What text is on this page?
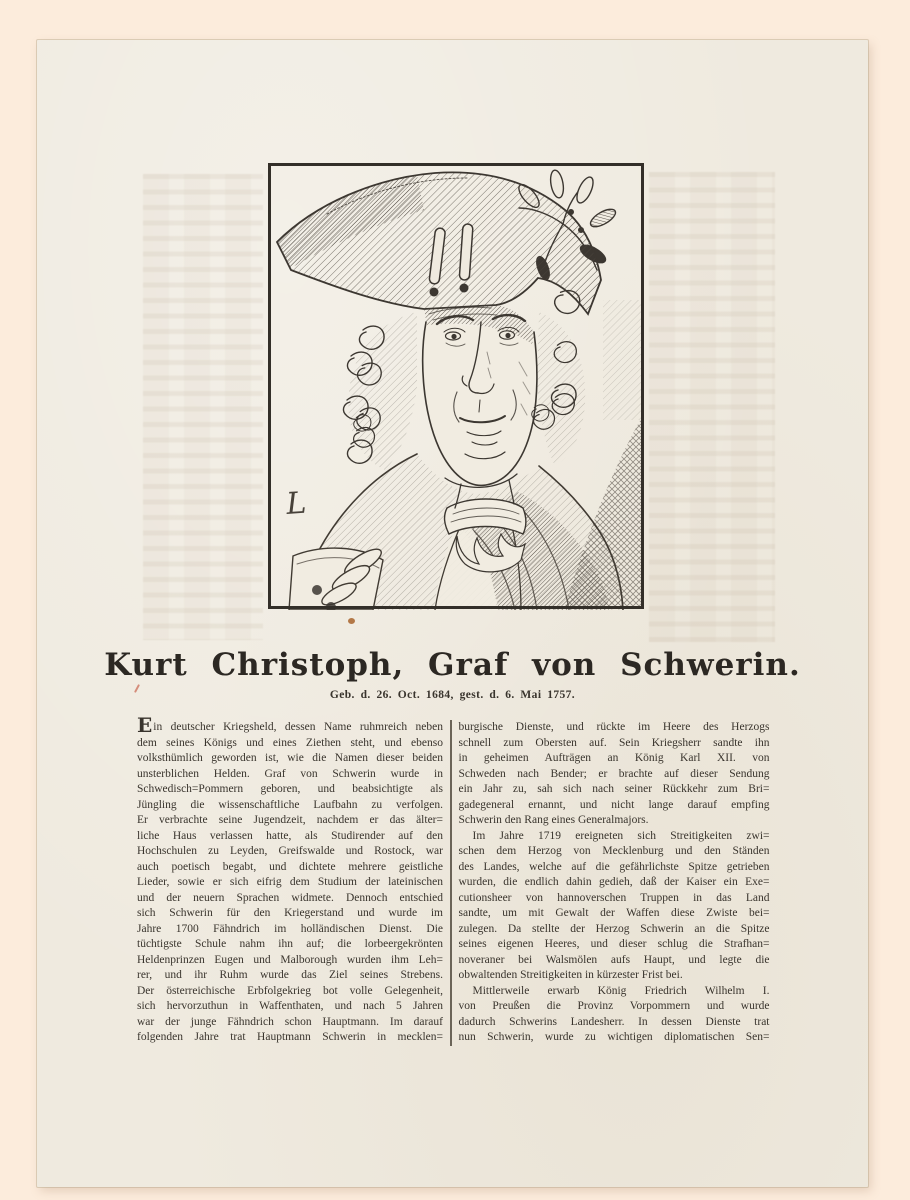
L
Kurt Christoph, Graf von Schwerin.

Geb. d. 26. Oct. 1684, gest. d. 6. Mai 1757.

Ein deutscher Kriegsheld, dessen Name ruhmreich neben
dem seines Königs und eines Ziethen steht, und ebenso
volksthümlich geworden ist, wie die Namen dieser beiden
unsterblichen Helden. Graf von Schwerin wurde in
Schwedisch=Pommern geboren, und beabsichtigte als
Jüngling die wissenschaftliche Laufbahn zu verfolgen.
Er verbrachte seine Jugendzeit, nachdem er das älter=
liche Haus verlassen hatte, als Studirender auf den
Hochschulen zu Leyden, Greifswalde und Rostock, war
auch poetisch begabt, und dichtete mehrere geistliche
Lieder, sowie er sich eifrig dem Studium der lateinischen
und der neuern Sprachen widmete. Dennoch entschied
sich Schwerin für den Kriegerstand und wurde im
Jahre 1700 Fähndrich im holländischen Dienst. Die
tüchtigste Schule nahm ihn auf; die lorbeergekrönten
Heldenprinzen Eugen und Malborough wurden ihm Leh=
rer, und ihr Ruhm wurde das Ziel seines Strebens.
Der österreichische Erbfolgekrieg bot volle Gelegenheit,
sich hervorzuthun in Waffenthaten, und nach 5 Jahren
war der junge Fähndrich schon Hauptmann. Im darauf
folgenden Jahre trat Hauptmann Schwerin in mecklen=
burgische Dienste, und rückte im Heere des Herzogs
schnell zum Obersten auf. Sein Kriegsherr sandte ihn
in geheimen Aufträgen an König Karl XII. von
Schweden nach Bender; er brachte auf dieser Sendung
ein Jahr zu, sah sich nach seiner Rückkehr zum Bri=
gadegeneral ernannt, und nicht lange darauf empfing
Schwerin den Rang eines Generalmajors.
Im Jahre 1719 ereigneten sich Streitigkeiten zwi=
schen dem Herzog von Mecklenburg und den Ständen
des Landes, welche auf die gefährlichste Spitze getrieben
wurden, die endlich dahin gedieh, daß der Kaiser ein Exe=
cutionsheer von hannoverschen Truppen in das Land
sandte, um mit Gewalt der Waffen diese Zwiste bei=
zulegen. Da stellte der Herzog Schwerin an die Spitze
seines eigenen Heeres, und dieser schlug die Strafhan=
noveraner bei Walsmölen aufs Haupt, und legte die
obwaltenden Streitigkeiten in kürzester Frist bei.
Mittlerweile erwarb König Friedrich Wilhelm I.
von Preußen die Provinz Vorpommern und wurde
dadurch Schwerins Landesherr. In dessen Dienste trat
nun Schwerin, wurde zu wichtigen diplomatischen Sen=
